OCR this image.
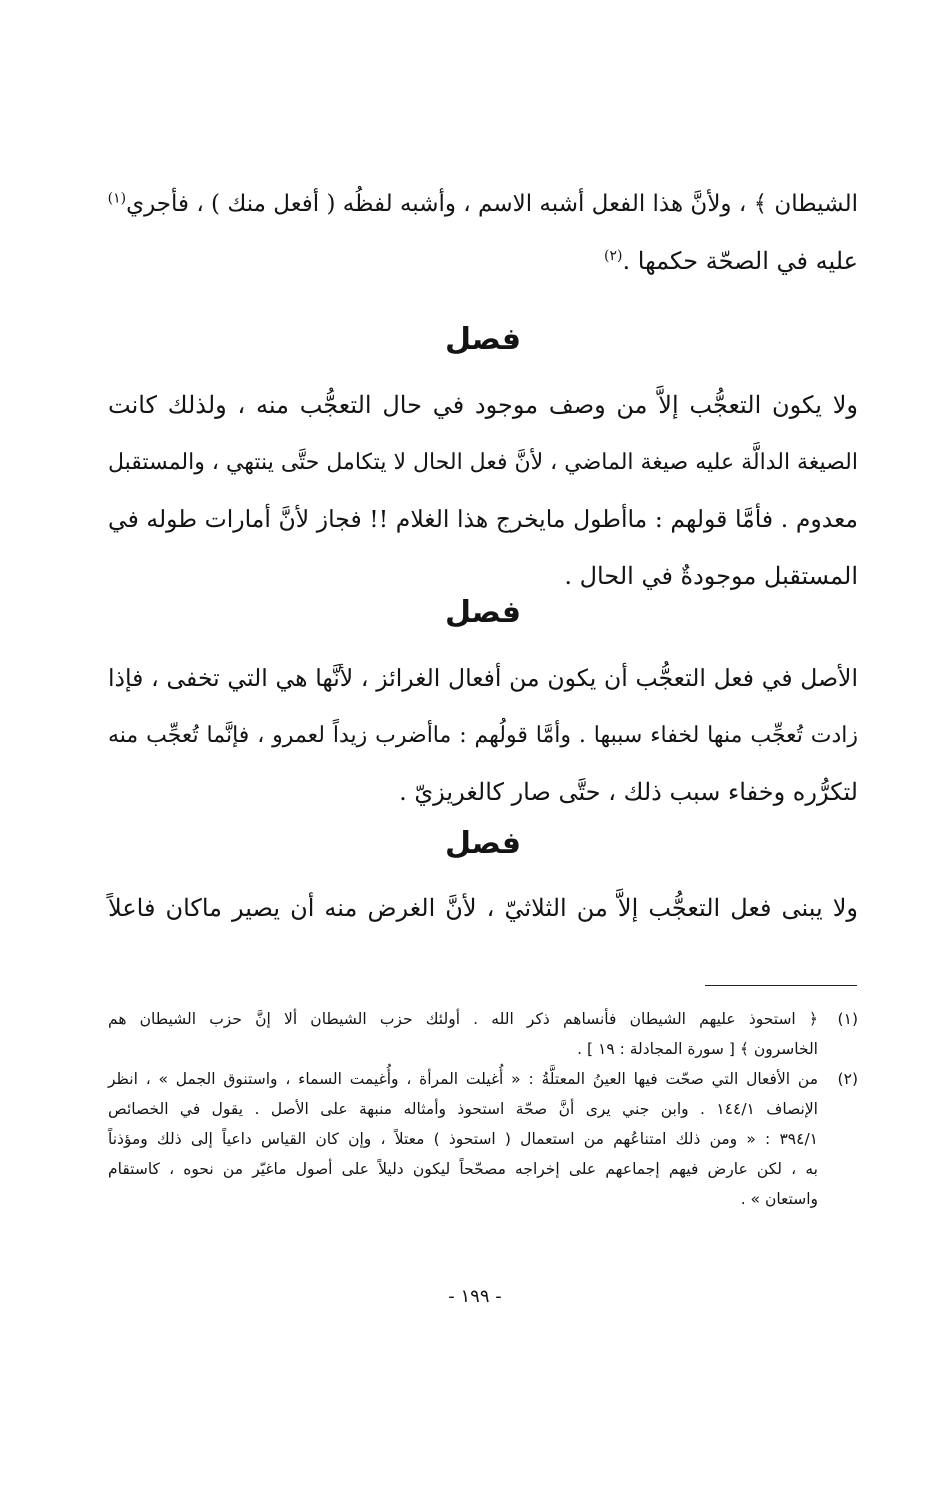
الشيطان ﴾ ، ولأنَّ هذا الفعل أشبه الاسم ، وأشبه لفظُه ( أفعل منك ) ، فأجري$^{(١)}$
عليه في الصحّة حكمها .$^{(٢)}$
فصل
ولا يكون التعجُّب إلاَّ من وصف موجود في حال التعجُّب منه ، ولذلك كانت
الصيغة الدالَّة عليه صيغة الماضي ، لأنَّ فعل الحال لا يتكامل حتَّى ينتهي ، والمستقبل
معدوم . فأمَّا قولهم : ماأطول مايخرج هذا الغلام !! فجاز لأنَّ أمارات طوله في
المستقبل موجودةٌ في الحال .
فصل
الأصل في فعل التعجُّب أن يكون من أفعال الغرائز ، لأنَّها هي التي تخفى ، فإذا
زادت تُعجِّب منها لخفاء سببها . وأمَّا قولُهم : ماأضرب زيداً لعمرو ، فإنَّما تُعجِّب منه
لتكرُّره وخفاء سبب ذلك ، حتَّى صار كالغريزيّ .
فصل
ولا يبنى فعل التعجُّب إلاَّ من الثلاثيّ ، لأنَّ الغرض منه أن يصير ماكان فاعلاً
(١)
﴿ استحوذ عليهم الشيطان فأنساهم ذكر الله . أولئك حزب الشيطان ألا إنَّ حزب الشيطان هم
الخاسرون ﴾ [ سورة المجادلة : ١٩ ] .
(٢)
من الأفعال التي صحّت فيها العينُ المعتلَّةُ : « أُغيلت المرأة ، وأُغيمت السماء ، واستنوق الجمل » ، انظر
الإنصاف ١٤٤/١ . وابن جني يرى أنَّ صحّة استحوذ وأمثاله منبهة على الأصل . يقول في الخصائص
٣٩٤/١ : « ومن ذلك امتناعُهم من استعمال ( استحوذ ) معتلاً ، وإن كان القياس داعياً إلى ذلك ومؤذناً
به ، لكن عارض فيهم إجماعهم على إخراجه مصحّحاً ليكون دليلاً على أصول ماغيّر من نحوه ، كاستقام
واستعان » .
- ١٩٩ -
